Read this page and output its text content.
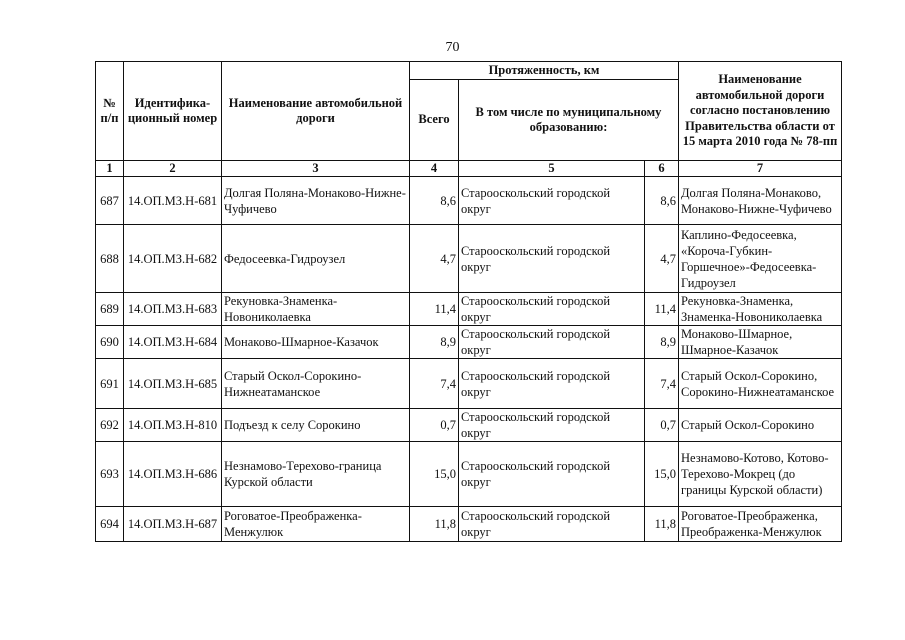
70
№ п/п	Идентифика-ционный номер	Наименование автомобильной дороги	Протяженность, км			Наименование автомобильной дороги согласно постановлению Правительства области от 15 марта 2010 года № 78-пп
			Всего	В том числе по муниципальному образованию:		
1	2	3	4	5	6	7
687	14.ОП.МЗ.Н-681	Долгая Поляна-Монаково-Нижне-Чуфичево	8,6	Старооскольский городской округ	8,6	Долгая Поляна-Монаково, Монаково-Нижне-Чуфичево
688	14.ОП.МЗ.Н-682	Федосеевка-Гидроузел	4,7	Старооскольский городской округ	4,7	Каплино-Федосеевка, «Короча-Губкин-Горшечное»-Федосеевка-Гидроузел
689	14.ОП.МЗ.Н-683	Рекуновка-Знаменка-Новониколаевка	11,4	Старооскольский городской округ	11,4	Рекуновка-Знаменка, Знаменка-Новониколаевка
690	14.ОП.МЗ.Н-684	Монаково-Шмарное-Казачок	8,9	Старооскольский городской округ	8,9	Монаково-Шмарное, Шмарное-Казачок
691	14.ОП.МЗ.Н-685	Старый Оскол-Сорокино-Нижнеатаманское	7,4	Старооскольский городской округ	7,4	Старый Оскол-Сорокино, Сорокино-Нижнеатаманское
692	14.ОП.МЗ.Н-810	Подъезд к селу Сорокино	0,7	Старооскольский городской округ	0,7	Старый Оскол-Сорокино
693	14.ОП.МЗ.Н-686	Незнамово-Терехово-граница Курской области	15,0	Старооскольский городской округ	15,0	Незнамово-Котово, Котово-Терехово-Мокрец (до границы Курской области)
694	14.ОП.МЗ.Н-687	Роговатое-Преображенка-Менжулюк	11,8	Старооскольский городской округ	11,8	Роговатое-Преображенка, Преображенка-Менжулюк
